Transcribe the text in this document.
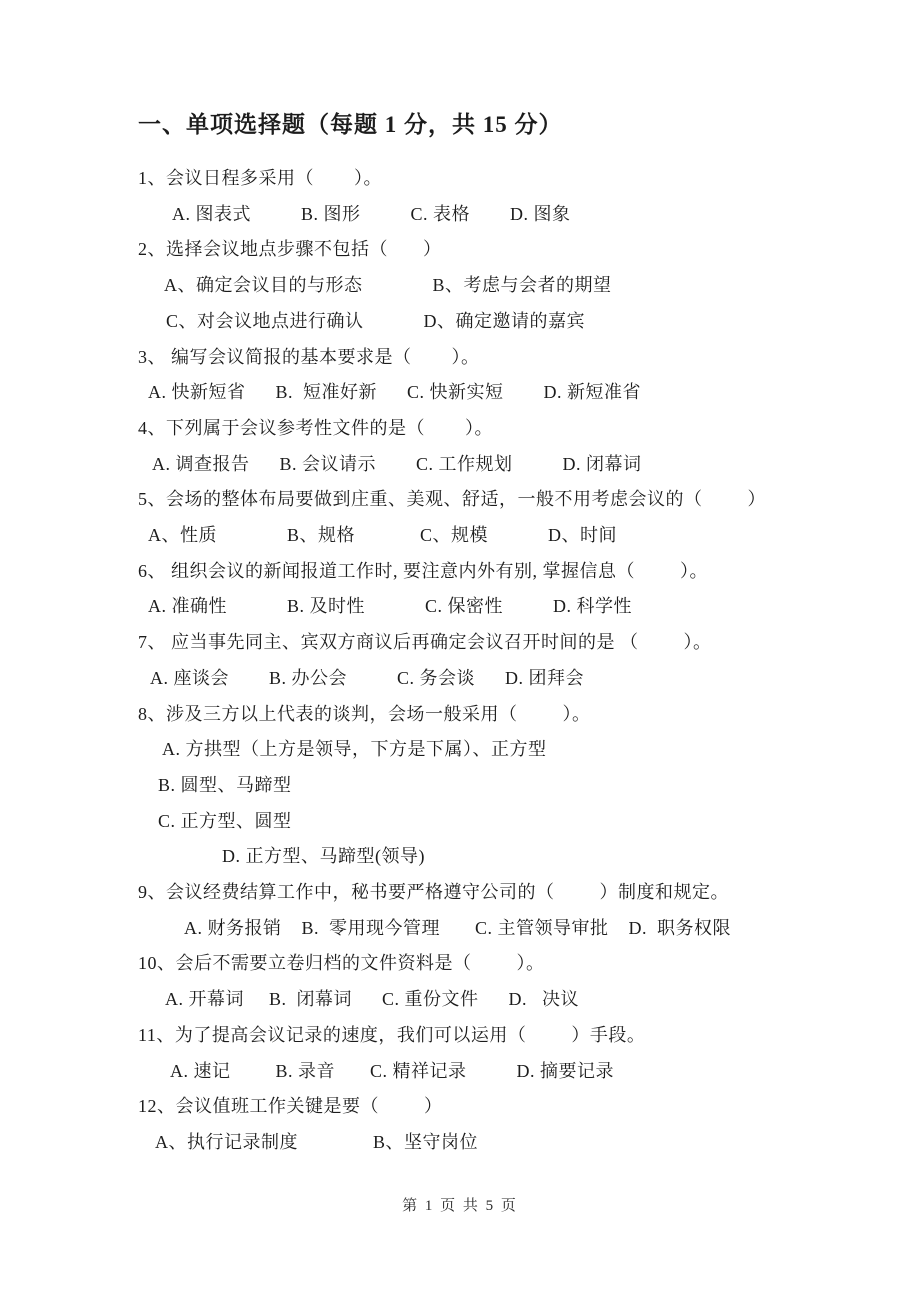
一、单项选择题（每题 1 分，共 15 分）
1、会议日程多采用（        ）。
A. 图表式          B. 图形          C. 表格        D. 图象
2、选择会议地点步骤不包括（       ）
A、确定会议目的与形态              B、考虑与会者的期望
C、对会议地点进行确认            D、确定邀请的嘉宾
3、 编写会议简报的基本要求是（        ）。
A. 快新短省      B.  短准好新      C. 快新实短        D. 新短准省
4、下列属于会议参考性文件的是（        ）。
A. 调查报告      B. 会议请示        C. 工作规划          D. 闭幕词
5、会场的整体布局要做到庄重、美观、舒适，一般不用考虑会议的（         ）
A、性质              B、规格             C、规模            D、时间
6、 组织会议的新闻报道工作时, 要注意内外有别, 掌握信息（         ）。
A. 准确性            B. 及时性            C. 保密性          D. 科学性
7、 应当事先同主、宾双方商议后再确定会议召开时间的是 （         ）。
A. 座谈会        B. 办公会          C. 务会谈      D. 团拜会
8、涉及三方以上代表的谈判，会场一般采用（         ）。
A. 方拱型（上方是领导，下方是下属）、正方型
B. 圆型、马蹄型
C. 正方型、圆型
D. 正方型、马蹄型(领导)
9、会议经费结算工作中，秘书要严格遵守公司的（         ）制度和规定。
A. 财务报销    B.  零用现今管理       C. 主管领导审批    D.  职务权限
10、会后不需要立卷归档的文件资料是（         ）。
A. 开幕词     B.  闭幕词      C. 重份文件      D.   决议
11、为了提高会议记录的速度，我们可以运用（         ）手段。
A. 速记         B. 录音       C. 精祥记录          D. 摘要记录
12、会议值班工作关键是要（         ）
A、执行记录制度               B、坚守岗位
第 1 页 共 5 页
